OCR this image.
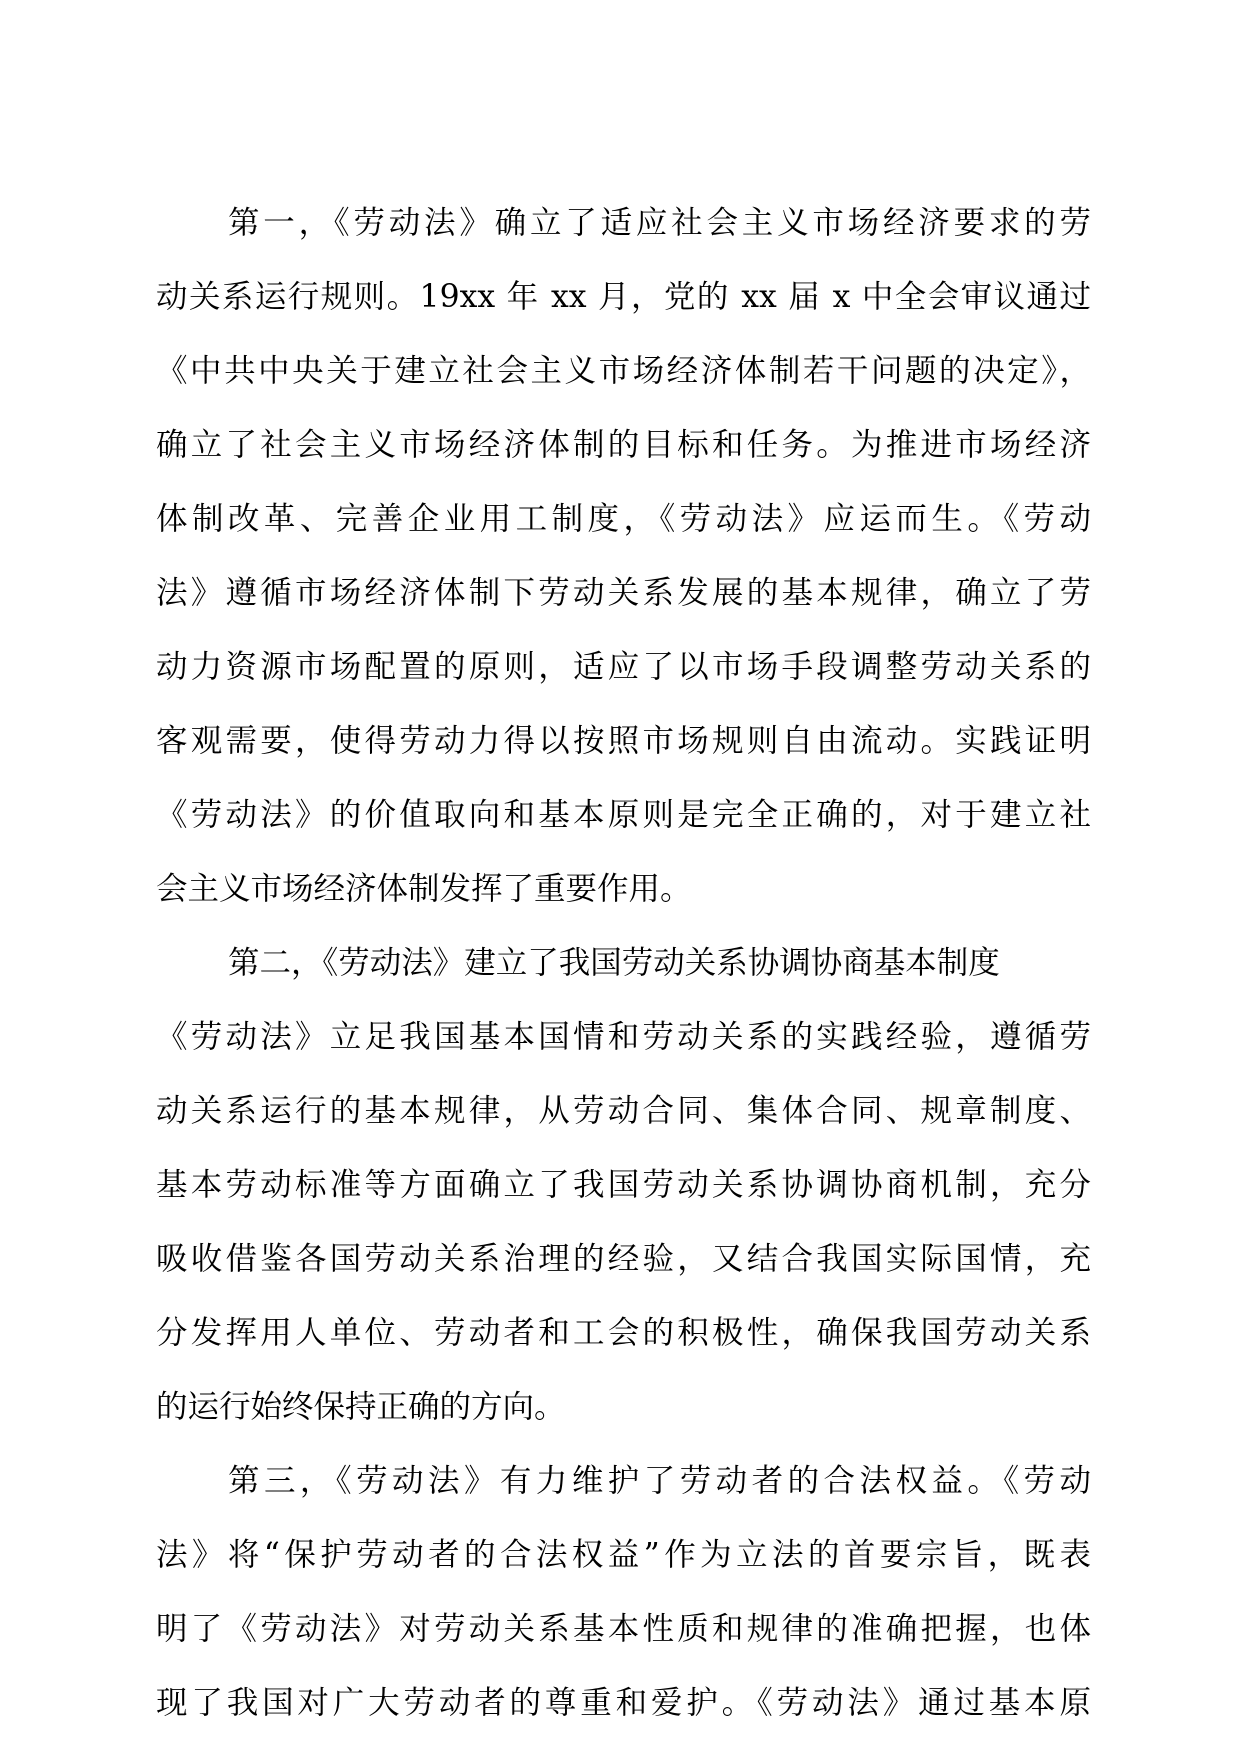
第一，《劳动法》确立了适应社会主义市场经济要求的劳
动关系运行规则。19xx 年 xx 月，党的 xx 届 x 中全会审议通过
《中共中央关于建立社会主义市场经济体制若干问题的决定》，
确立了社会主义市场经济体制的目标和任务。为推进市场经济
体制改革、完善企业用工制度，《劳动法》应运而生。《劳动
法》遵循市场经济体制下劳动关系发展的基本规律，确立了劳
动力资源市场配置的原则，适应了以市场手段调整劳动关系的
客观需要，使得劳动力得以按照市场规则自由流动。实践证明
《劳动法》的价值取向和基本原则是完全正确的，对于建立社
会主义市场经济体制发挥了重要作用。
第二，《劳动法》建立了我国劳动关系协调协商基本制度
《劳动法》立足我国基本国情和劳动关系的实践经验，遵循劳
动关系运行的基本规律，从劳动合同、集体合同、规章制度、
基本劳动标准等方面确立了我国劳动关系协调协商机制，充分
吸收借鉴各国劳动关系治理的经验，又结合我国实际国情，充
分发挥用人单位、劳动者和工会的积极性，确保我国劳动关系
的运行始终保持正确的方向。
第三，《劳动法》有力维护了劳动者的合法权益。《劳动
法》将“保护劳动者的合法权益”作为立法的首要宗旨，既表
明了《劳动法》对劳动关系基本性质和规律的准确把握，也体
现了我国对广大劳动者的尊重和爱护。《劳动法》通过基本原
